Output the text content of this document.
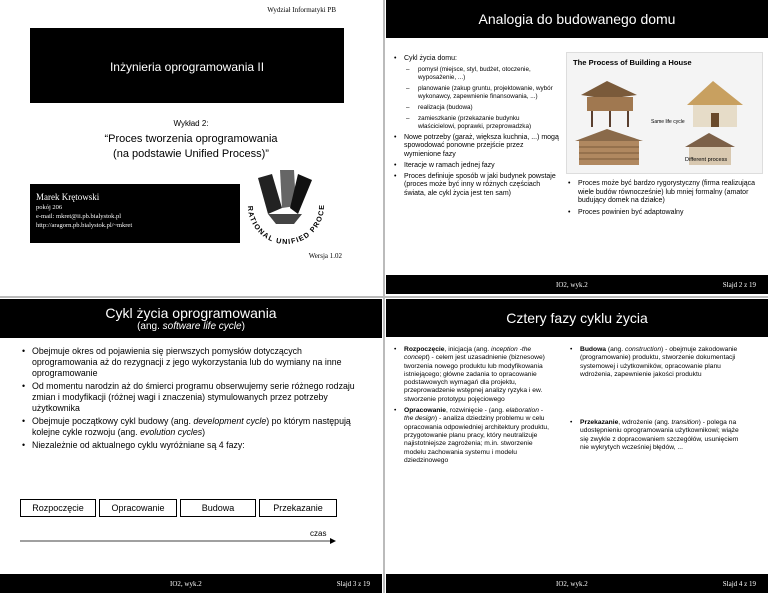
Wydział Informatyki PB
Inżynieria oprogramowania II
Wykład 2:
“Proces tworzenia oprogramowania
(na podstawie Unified Process)”
Marek Krętowski
pokój 206
e-mail: mkret@ii.pb.bialystok.pl
http://aragorn.pb.bialystok.pl/~mkret
RATIONAL UNIFIED PROCE
Wersja 1.02
Analogia do budowanego domu
• Cykl życia domu:
– pomysł (miejsce, styl, budżet, otoczenie, wyposażenie, ...)
– planowanie (zakup gruntu, projektowanie, wybór wykonawcy, zapewnienie finansowania, ...)
– realizacja (budowa)
– zamieszkanie (przekazanie budynku właścicielowi, poprawki, przeprowadzka)
• Nowe potrzeby (garaż, większa kuchnia, ...) mogą spowodować ponowne przejście przez wymienione fazy
• Iteracje w ramach jednej fazy
• Proces definiuje sposób w jaki budynek powstaje (proces może być inny w różnych częściach świata, ale cykl życia jest ten sam)
The Process of Building a House
Same life cycle
Different process
• Proces może być bardzo rygorystyczny (firma realizująca wiele budów równocześnie) lub mniej formalny (amator budujący domek na działce)
• Proces powinien być adaptowalny
IO2, wyk.2	Slajd 2 z 19
Cykl życia oprogramowania
(ang. software life cycle)
• Obejmuje okres od pojawienia się pierwszych pomysłów dotyczących oprogramowania aż do rezygnacji z jego wykorzystania lub do wymiany na inne oprogramowanie
• Od momentu narodzin aż do śmierci programu obserwujemy serie różnego rodzaju zmian i modyfikacji (różnej wagi i znaczenia) stymulowanych przez potrzeby użytkownika
• Obejmuje początkowy cykl budowy (ang. development cycle) po którym następują kolejne cykle rozwoju (ang. evolution cycles)
• Niezależnie od aktualnego cyklu wyróżniane są 4 fazy:
Rozpoczęcie	Opracowanie	Budowa	Przekazanie
czas
IO2, wyk.2	Slajd 3 z 19
Cztery fazy cyklu życia
• Rozpoczęcie, inicjacja (ang. inception -the concept) - celem jest uzasadnienie (biznesowe) tworzenia nowego produktu lub modyfikowania istniejącego; główne zadania to opracowanie podstawowych wymagań dla projektu, przeprowadzenie wstępnej analizy ryzyka i ew. stworzenie prototypu pojęciowego
• Opracowanie, rozwinięcie - (ang. elaboration - the design) - analiza dziedziny problemu w celu opracowania odpowiedniej architektury produktu, przygotowanie planu pracy, który neutralizuje najistotniejsze zagrożenia; m.in. stworzenie modelu zachowania systemu i modelu dziedzinowego
• Budowa (ang. construction) - obejmuje zakodowanie (programowanie) produktu, stworzenie dokumentacji systemowej i użytkowników, opracowanie planu wdrożenia, zapewnienie jakości produktu
• Przekazanie, wdrożenie (ang. transition) - polega na udostępnieniu oprogramowania użytkownikowi; wiąże się zwykle z dopracowaniem szczegółów, usunięciem nie wykrytych wcześniej błędów, ...
IO2, wyk.2	Slajd 4 z 19
